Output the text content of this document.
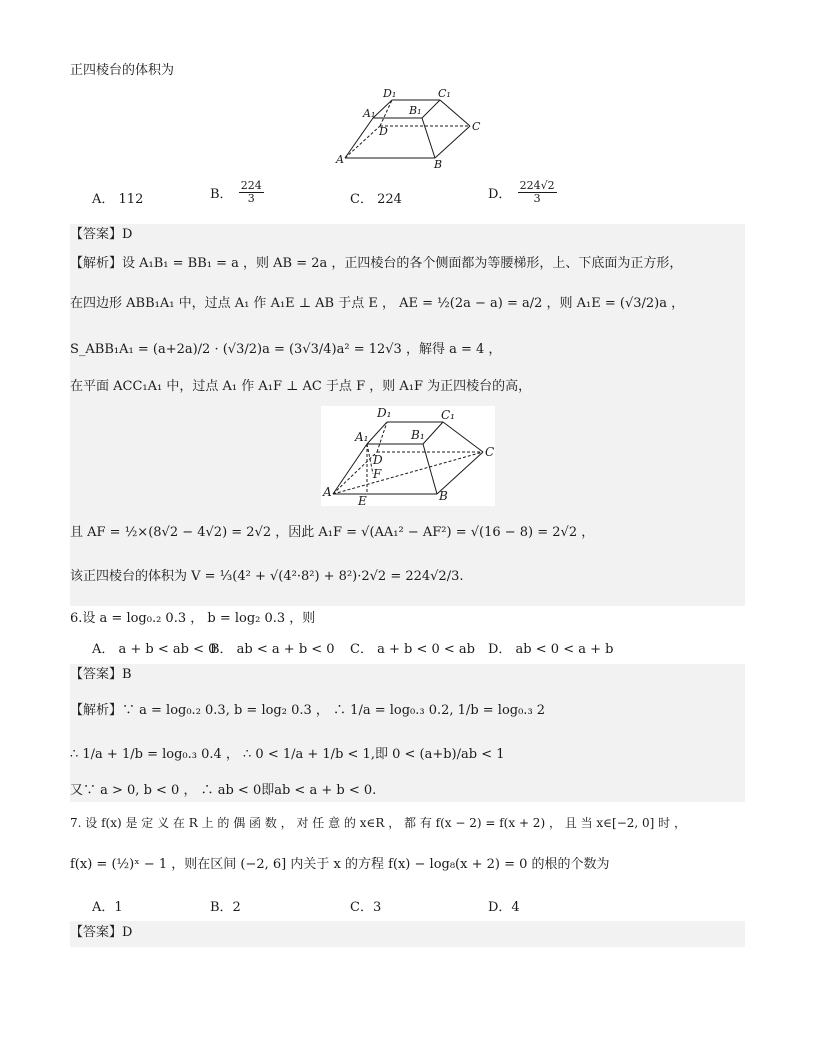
正四棱台的体积为
D₁	C₁
A₁	B₁
D	C
A	B
A． 112	B． $\frac{224}{3}$	C． 224	D． $\frac{224√2}{3}$
【答案】D
【解析】设 A₁B₁ = BB₁ = a ，则 AB = 2a ，正四棱台的各个侧面都为等腰梯形，上、下底面为正方形，
在四边形 ABB₁A₁ 中，过点 A₁ 作 A₁E ⊥ AB 于点 E ， AE = ½(2a − a) = a/2 ，则 A₁E = (√3/2)a ，
S_ABB₁A₁ = (a+2a)/2 · (√3/2)a = (3√3/4)a² = 12√3 ，解得 a = 4 ，
在平面 ACC₁A₁ 中，过点 A₁ 作 A₁F ⊥ AC 于点 F ，则 A₁F 为正四棱台的高，
D₁	C₁
A₁	B₁
D
F
C
A
E	B
且 AF = ½×(8√2 − 4√2) = 2√2 ，因此 A₁F = √(AA₁² − AF²) = √(16 − 8) = 2√2 ，
该正四棱台的体积为 V = ⅓(4² + √(4²·8²) + 8²)·2√2 = 224√2/3.
6.设 a = log₀.₂ 0.3 ， b = log₂ 0.3 ，则
A． a + b < ab < 0
B． ab < a + b < 0 C． a + b < 0 < ab D． ab < 0 < a + b
【答案】B
【解析】∵ a = log₀.₂ 0.3, b = log₂ 0.3 ， ∴ 1/a = log₀.₃ 0.2, 1/b = log₀.₃ 2
∴ 1/a + 1/b = log₀.₃ 0.4 ， ∴ 0 < 1/a + 1/b < 1,即 0 < (a+b)/ab < 1
又∵ a > 0, b < 0 ， ∴ ab < 0即ab < a + b < 0.
7. 设 f(x) 是 定 义 在 R 上 的 偶 函 数 ， 对 任 意 的 x∈R ， 都 有 f(x − 2) = f(x + 2) ， 且 当 x∈[−2, 0] 时 ，
f(x) = (½)ˣ − 1 ，则在区间 (−2, 6] 内关于 x 的方程 f(x) − log₈(x + 2) = 0 的根的个数为
A．1	B．2	C．3	D．4
【答案】D
